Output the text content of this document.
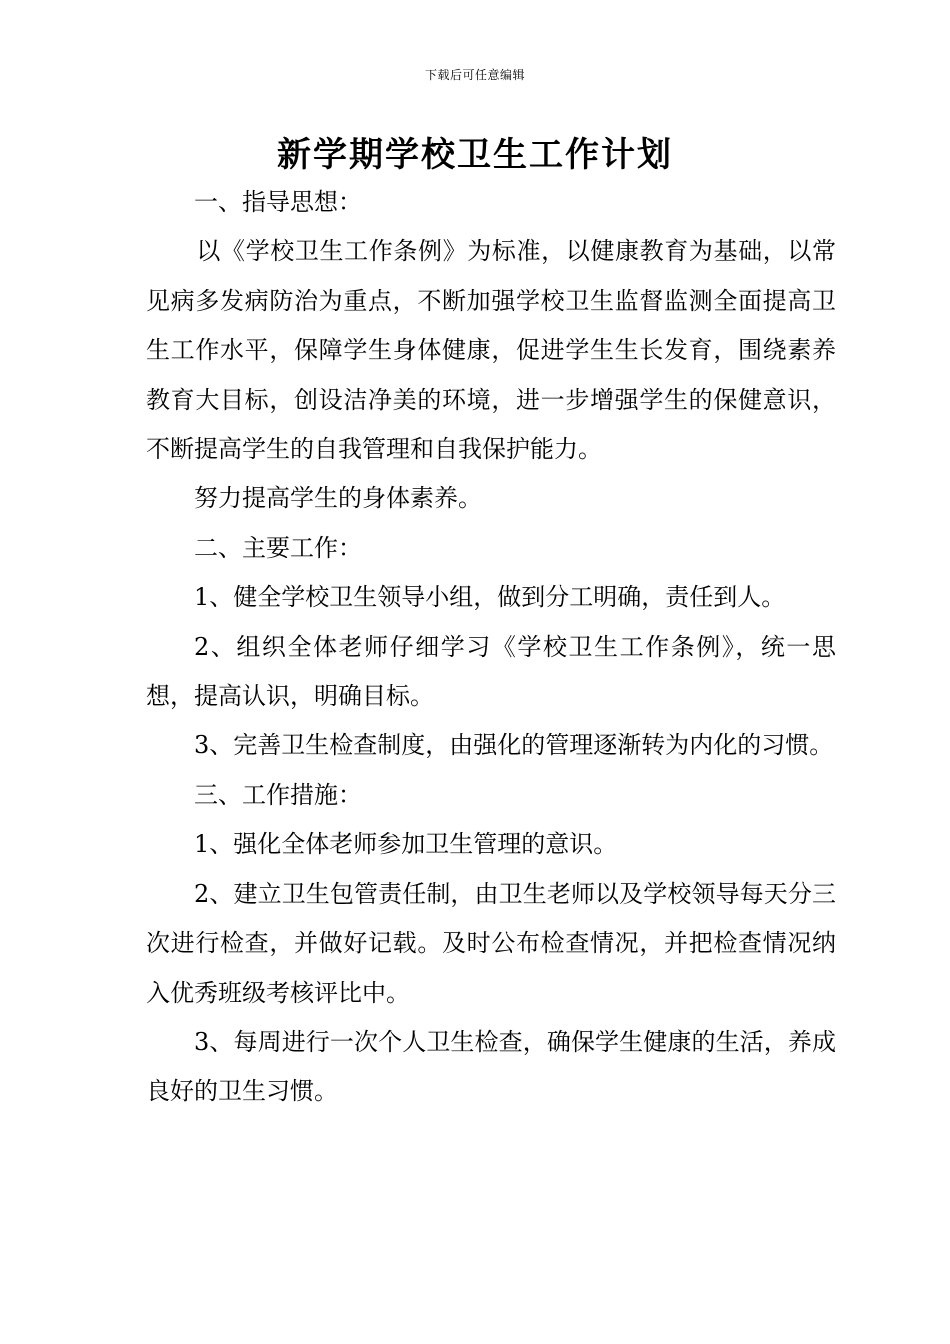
下载后可任意编辑
新学期学校卫生工作计划

一、指导思想：

以《学校卫生工作条例》为标准，以健康教育为基础，以常见病多发病防治为重点，不断加强学校卫生监督监测全面提高卫生工作水平，保障学生身体健康，促进学生生长发育，围绕素养教育大目标，创设洁净美的环境，进一步增强学生的保健意识，不断提高学生的自我管理和自我保护能力。

努力提高学生的身体素养。

二、主要工作：

1、健全学校卫生领导小组，做到分工明确，责任到人。

2、组织全体老师仔细学习《学校卫生工作条例》，统一思想，提高认识，明确目标。

3、完善卫生检查制度，由强化的管理逐渐转为内化的习惯。

三、工作措施：

1、强化全体老师参加卫生管理的意识。

2、建立卫生包管责任制，由卫生老师以及学校领导每天分三次进行检查，并做好记载。及时公布检查情况，并把检查情况纳入优秀班级考核评比中。

3、每周进行一次个人卫生检查，确保学生健康的生活，养成良好的卫生习惯。
